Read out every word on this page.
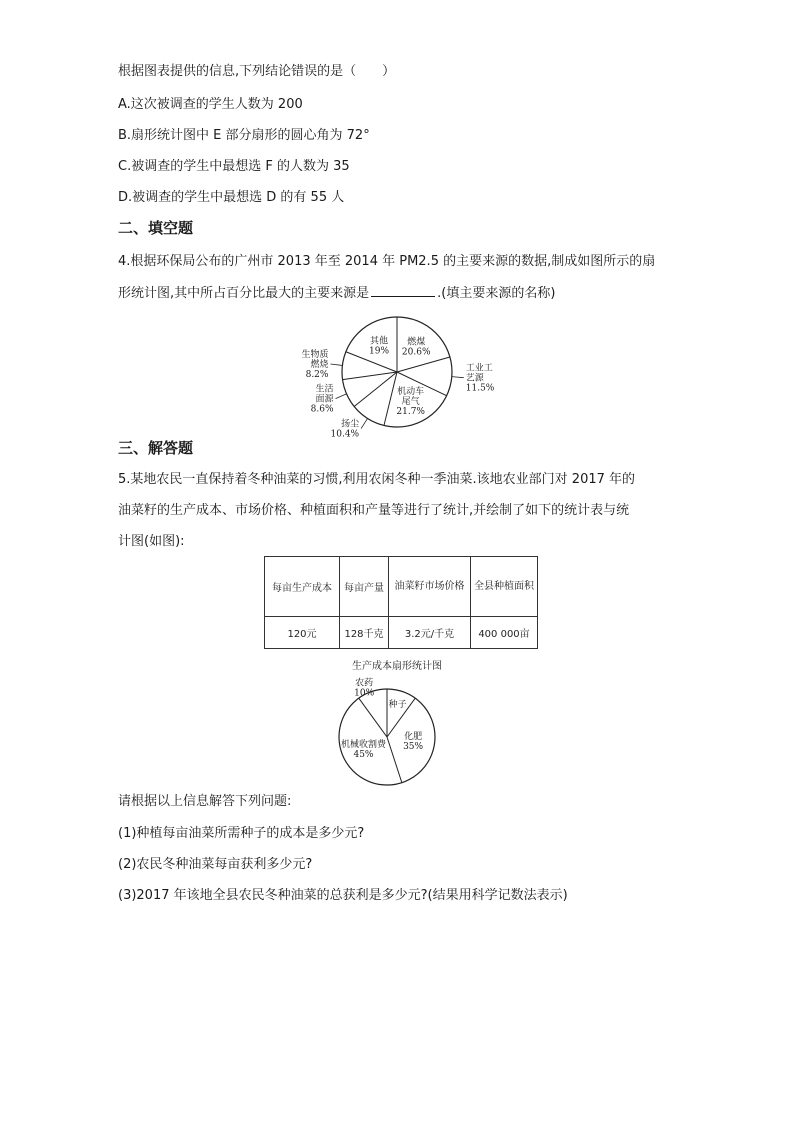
根据图表提供的信息,下列结论错误的是（　　）
A.这次被调查的学生人数为 200
B.扇形统计图中 E 部分扇形的圆心角为 72°
C.被调查的学生中最想选 F 的人数为 35
D.被调查的学生中最想选 D 的有 55 人
二、填空题
4.根据环保局公布的广州市 2013 年至 2014 年 PM2.5 的主要来源的数据,制成如图所示的扇
形统计图,其中所占百分比最大的主要来源是	.(填主要来源的名称)
燃煤 20.6%
工业工艺源 11.5%
机动车尾气 21.7%
扬尘 10.4%
生活面源 8.6%
生物质燃烧 8.2%
其他 19%
三、解答题
5.某地农民一直保持着冬种油菜的习惯,利用农闲冬种一季油菜.该地农业部门对 2017 年的
油菜籽的生产成本、市场价格、种植面积和产量等进行了统计,并绘制了如下的统计表与统
计图(如图):
每亩生产成本	每亩产量	油菜籽市场价格	全县种植面积
120元	128千克	3.2元/千克	400 000亩
生产成本扇形统计图
种子
化肥 35%
机械收割费 45%
农药 10%
请根据以上信息解答下列问题:
(1)种植每亩油菜所需种子的成本是多少元?
(2)农民冬种油菜每亩获利多少元?
(3)2017 年该地全县农民冬种油菜的总获利是多少元?(结果用科学记数法表示)
